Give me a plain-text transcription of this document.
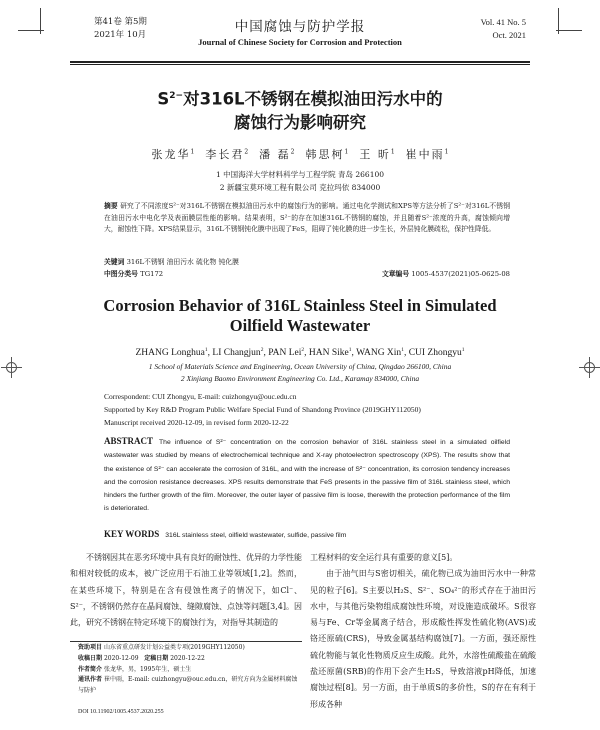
第41卷 第5期
2021年 10月	中国腐蚀与防护学报
Journal of Chinese Society for Corrosion and Protection
Vol. 41 No. 5
Oct. 2021
$S^{2-}$对316L不锈钢在模拟油田污水中的
腐蚀行为影响研究
张龙华$^1$ 李长君$^2$ 潘 磊$^2$ 韩思柯$^1$ 王 昕$^1$ 崔中雨$^1$
1 中国海洋大学材料科学与工程学院 青岛 266100
2 新疆宝莫环境工程有限公司 克拉玛依 834000
摘要 研究了不同浓度S²⁻对316L不锈钢在模拟油田污水中的腐蚀行为的影响。通过电化学测试和XPS等方法分析了S²⁻对316L不锈钢在油田污水中电化学及表面膜层性能的影响。结果表明，S²⁻的存在加速316L不锈钢的腐蚀，并且随着S²⁻浓度的升高，腐蚀倾向增大，耐蚀性下降。XPS结果显示，316L不锈钢钝化膜中出现了FeS，阻碍了钝化膜的进一步生长，外层钝化膜疏松，保护性降低。
关键词 316L不锈钢 油田污水 硫化物 钝化膜
中图分类号 TG172	文章编号 1005-4537(2021)05-0625-08
Corrosion Behavior of 316L Stainless Steel in Simulated
Oilfield Wastewater
ZHANG Longhua$^1$, LI Changjun$^2$, PAN Lei$^2$, HAN Sike$^1$, WANG Xin$^1$, CUI Zhongyu$^1$
1 School of Materials Science and Engineering, Ocean University of China, Qingdao 266100, China
2 Xinjiang Baomo Environment Engineering Co. Ltd., Karamay 834000, China
Correspondent: CUI Zhongyu, E-mail: cuizhongyu@ouc.edu.cn
Supported by Key R&D Program Public Welfare Special Fund of Shandong Province (2019GHY112050)
Manuscript received 2020-12-09, in revised form 2020-12-22
ABSTRACT The influence of S²⁻ concentration on the corrosion behavior of 316L stainless steel in a simulated oilfield wastewater was studied by means of electrochemical technique and X-ray photoelectron spectroscopy (XPS). The results show that the existence of S²⁻ can accelerate the corrosion of 316L, and with the increase of S²⁻ concentration, its corrosion tendency increases and the corrosion resistance decreases. XPS results demonstrate that FeS presents in the passive film of 316L stainless steel, which hinders the further growth of the film. Moreover, the outer layer of passive film is loose, therewith the protection performance of the film is deteriorated.
KEY WORDS 316L stainless steel, oilfield wastewater, sulfide, passive film
不锈钢因其在恶劣环境中具有良好的耐蚀性、优异的力学性能和相对较低的成本，被广泛应用于石油工业等领域[1,2]。然而，在某些环境下，特别是在含有侵蚀性离子的情况下，如Cl⁻、S²⁻，不锈钢仍然存在晶间腐蚀、缝隙腐蚀、点蚀等问题[3,4]。因此，研究不锈钢在特定环境下的腐蚀行为，对指导其制造的

工程材料的安全运行具有重要的意义[5]。

由于油气田与S密切相关，硫化物已成为油田污水中一种常见的粒子[6]。S主要以H₂S、S²⁻、SO₄²⁻的形式存在于油田污水中，与其他污染物组成腐蚀性环境，对设施造成破坏。S很容易与Fe、Cr等金属离子结合，形成酸性挥发性硫化物(AVS)或铬还原硫(CRS)，导致金属基结构腐蚀[7]。一方面，强还原性硫化物能与氧化性物质反应生成酸。此外，水溶性硫酸盐在硫酸盐还原菌(SRB)的作用下会产生H₂S，导致溶液pH降低，加速腐蚀过程[8]。另一方面，由于单质S的多价性，S的存在有利于形成各种

资助项目 山东省重点研发计划公益类专项(2019GHY112050)
收稿日期 2020-12-09 定稿日期 2020-12-22
作者简介 张龙华，男，1995年生，硕士生
通讯作者 崔中雨，E-mail: cuizhongyu@ouc.edu.cn，研究方向为金属材料腐蚀与防护
DOI 10.11902/1005.4537.2020.255
